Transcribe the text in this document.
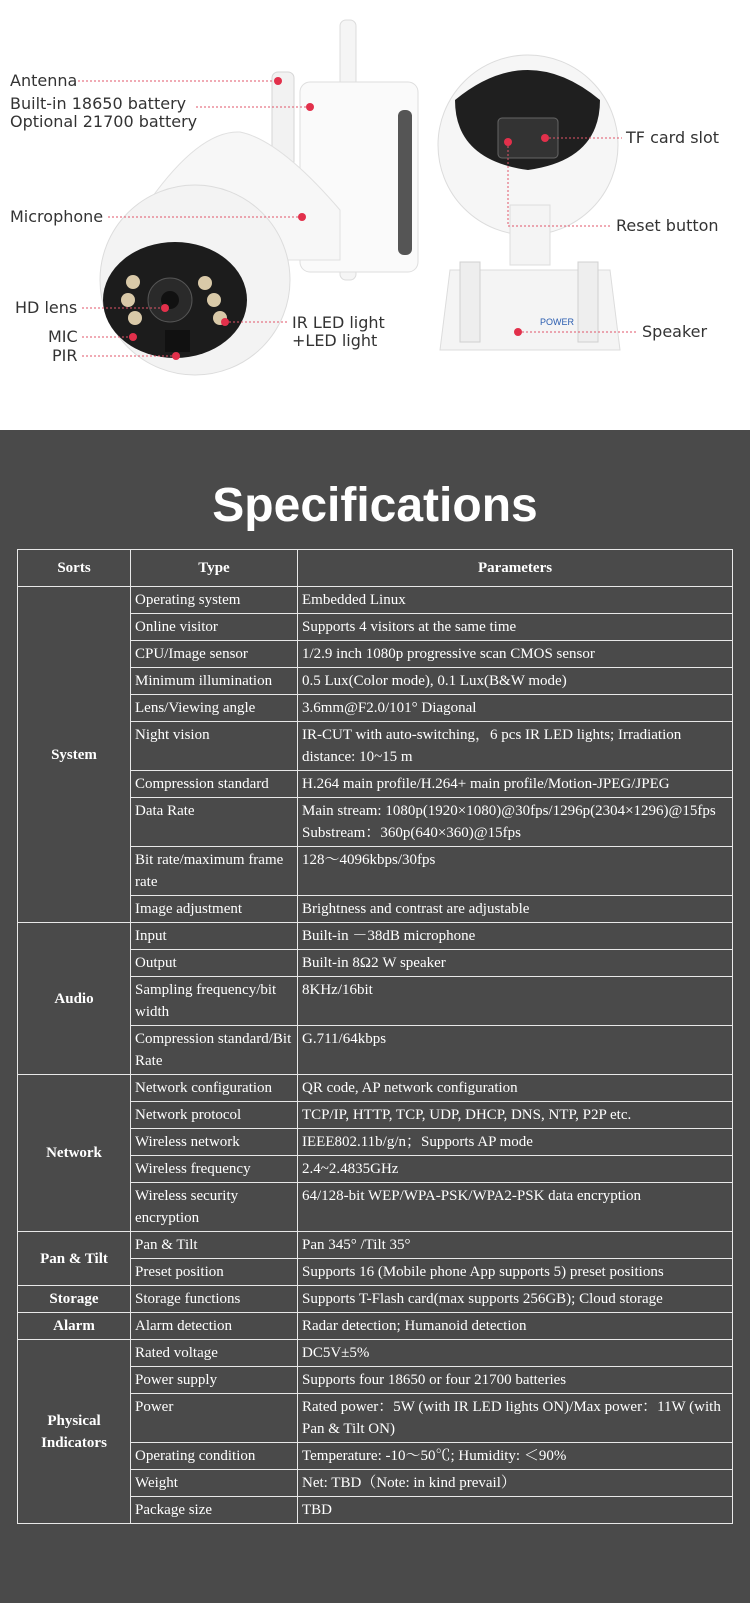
POWER
Antenna
Built-in 18650 battery
Optional 21700 battery
Microphone
HD lens
MIC
PIR
IR LED light
+LED light
TF card slot
Reset button
Speaker
Specifications
Sorts	Type	Parameters
System	Operating system	Embedded Linux
	Online visitor	Supports 4 visitors at the same time
	CPU/Image sensor	1/2.9 inch 1080p progressive scan CMOS sensor
	Minimum illumination	0.5 Lux(Color mode), 0.1 Lux(B&W mode)
	Lens/Viewing angle	3.6mm@F2.0/101° Diagonal
	Night vision	IR-CUT with auto-switching，6 pcs IR LED lights; Irradiation distance: 10~15 m
	Compression standard	H.264 main profile/H.264+ main profile/Motion-JPEG/JPEG
	Data Rate	Main stream: 1080p(1920×1080)@30fps/1296p(2304×1296)@15fps Substream：360p(640×360)@15fps
	Bit rate/maximum frame rate	128～4096kbps/30fps
	Image adjustment	Brightness and contrast are adjustable
Audio	Input	Built-in －38dB microphone
	Output	Built-in 8Ω2 W speaker
	Sampling frequency/bit width	8KHz/16bit
	Compression standard/Bit Rate	G.711/64kbps
Network	Network configuration	QR code, AP network configuration
	Network protocol	TCP/IP, HTTP, TCP, UDP, DHCP, DNS, NTP, P2P etc.
	Wireless network	IEEE802.11b/g/n；Supports AP mode
	Wireless frequency	2.4~2.4835GHz
	Wireless security encryption	64/128-bit WEP/WPA-PSK/WPA2-PSK data encryption
Pan & Tilt	Pan & Tilt	Pan 345° /Tilt 35°
	Preset position	Supports 16 (Mobile phone App supports 5) preset positions
Storage	Storage functions	Supports T-Flash card(max supports 256GB); Cloud storage
Alarm	Alarm detection	Radar detection; Humanoid detection
Physical Indicators	Rated voltage	DC5V±5%
	Power supply	Supports four 18650 or four 21700 batteries
	Power	Rated power：5W (with IR LED lights ON)/Max power：11W (with Pan & Tilt ON)
	Operating condition	Temperature: -10～50℃; Humidity: ＜90%
	Weight	Net: TBD（Note: in kind prevail）
	Package size	TBD
